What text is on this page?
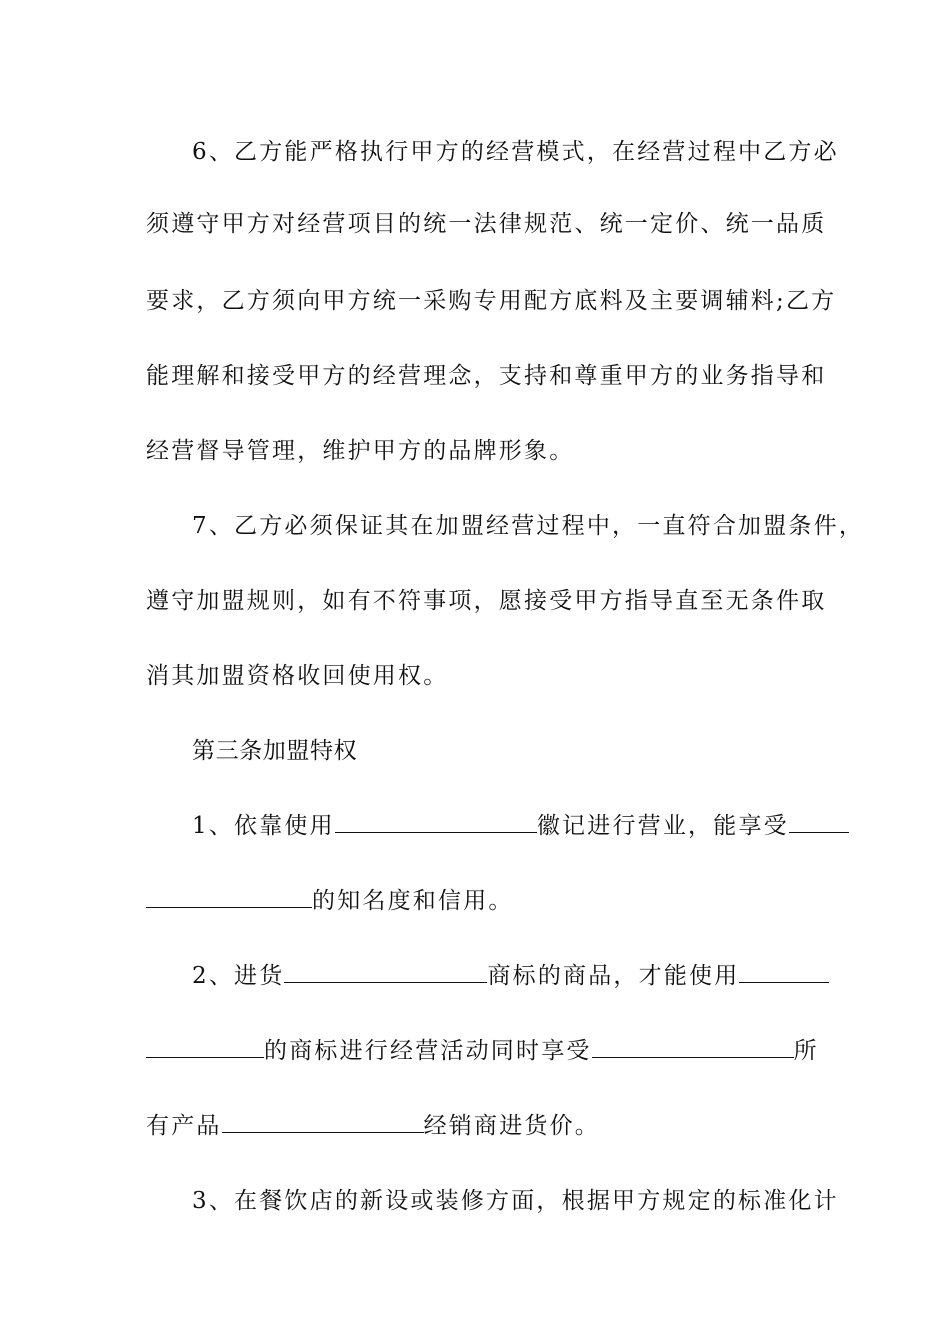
6、乙方能严格执行甲方的经营模式，在经营过程中乙方必
须遵守甲方对经营项目的统一法律规范、统一定价、统一品质
要求，乙方须向甲方统一采购专用配方底料及主要调辅料;乙方
能理解和接受甲方的经营理念，支持和尊重甲方的业务指导和
经营督导管理，维护甲方的品牌形象。
7、乙方必须保证其在加盟经营过程中，一直符合加盟条件，
遵守加盟规则，如有不符事项，愿接受甲方指导直至无条件取
消其加盟资格收回使用权。
第三条加盟特权
1、依靠使用	徽记进行营业，能享受
的知名度和信用。
2、进货	商标的商品，才能使用
的商标进行经营活动同时享受	所
有产品	经销商进货价。
3、在餐饮店的新设或装修方面，根据甲方规定的标准化计
